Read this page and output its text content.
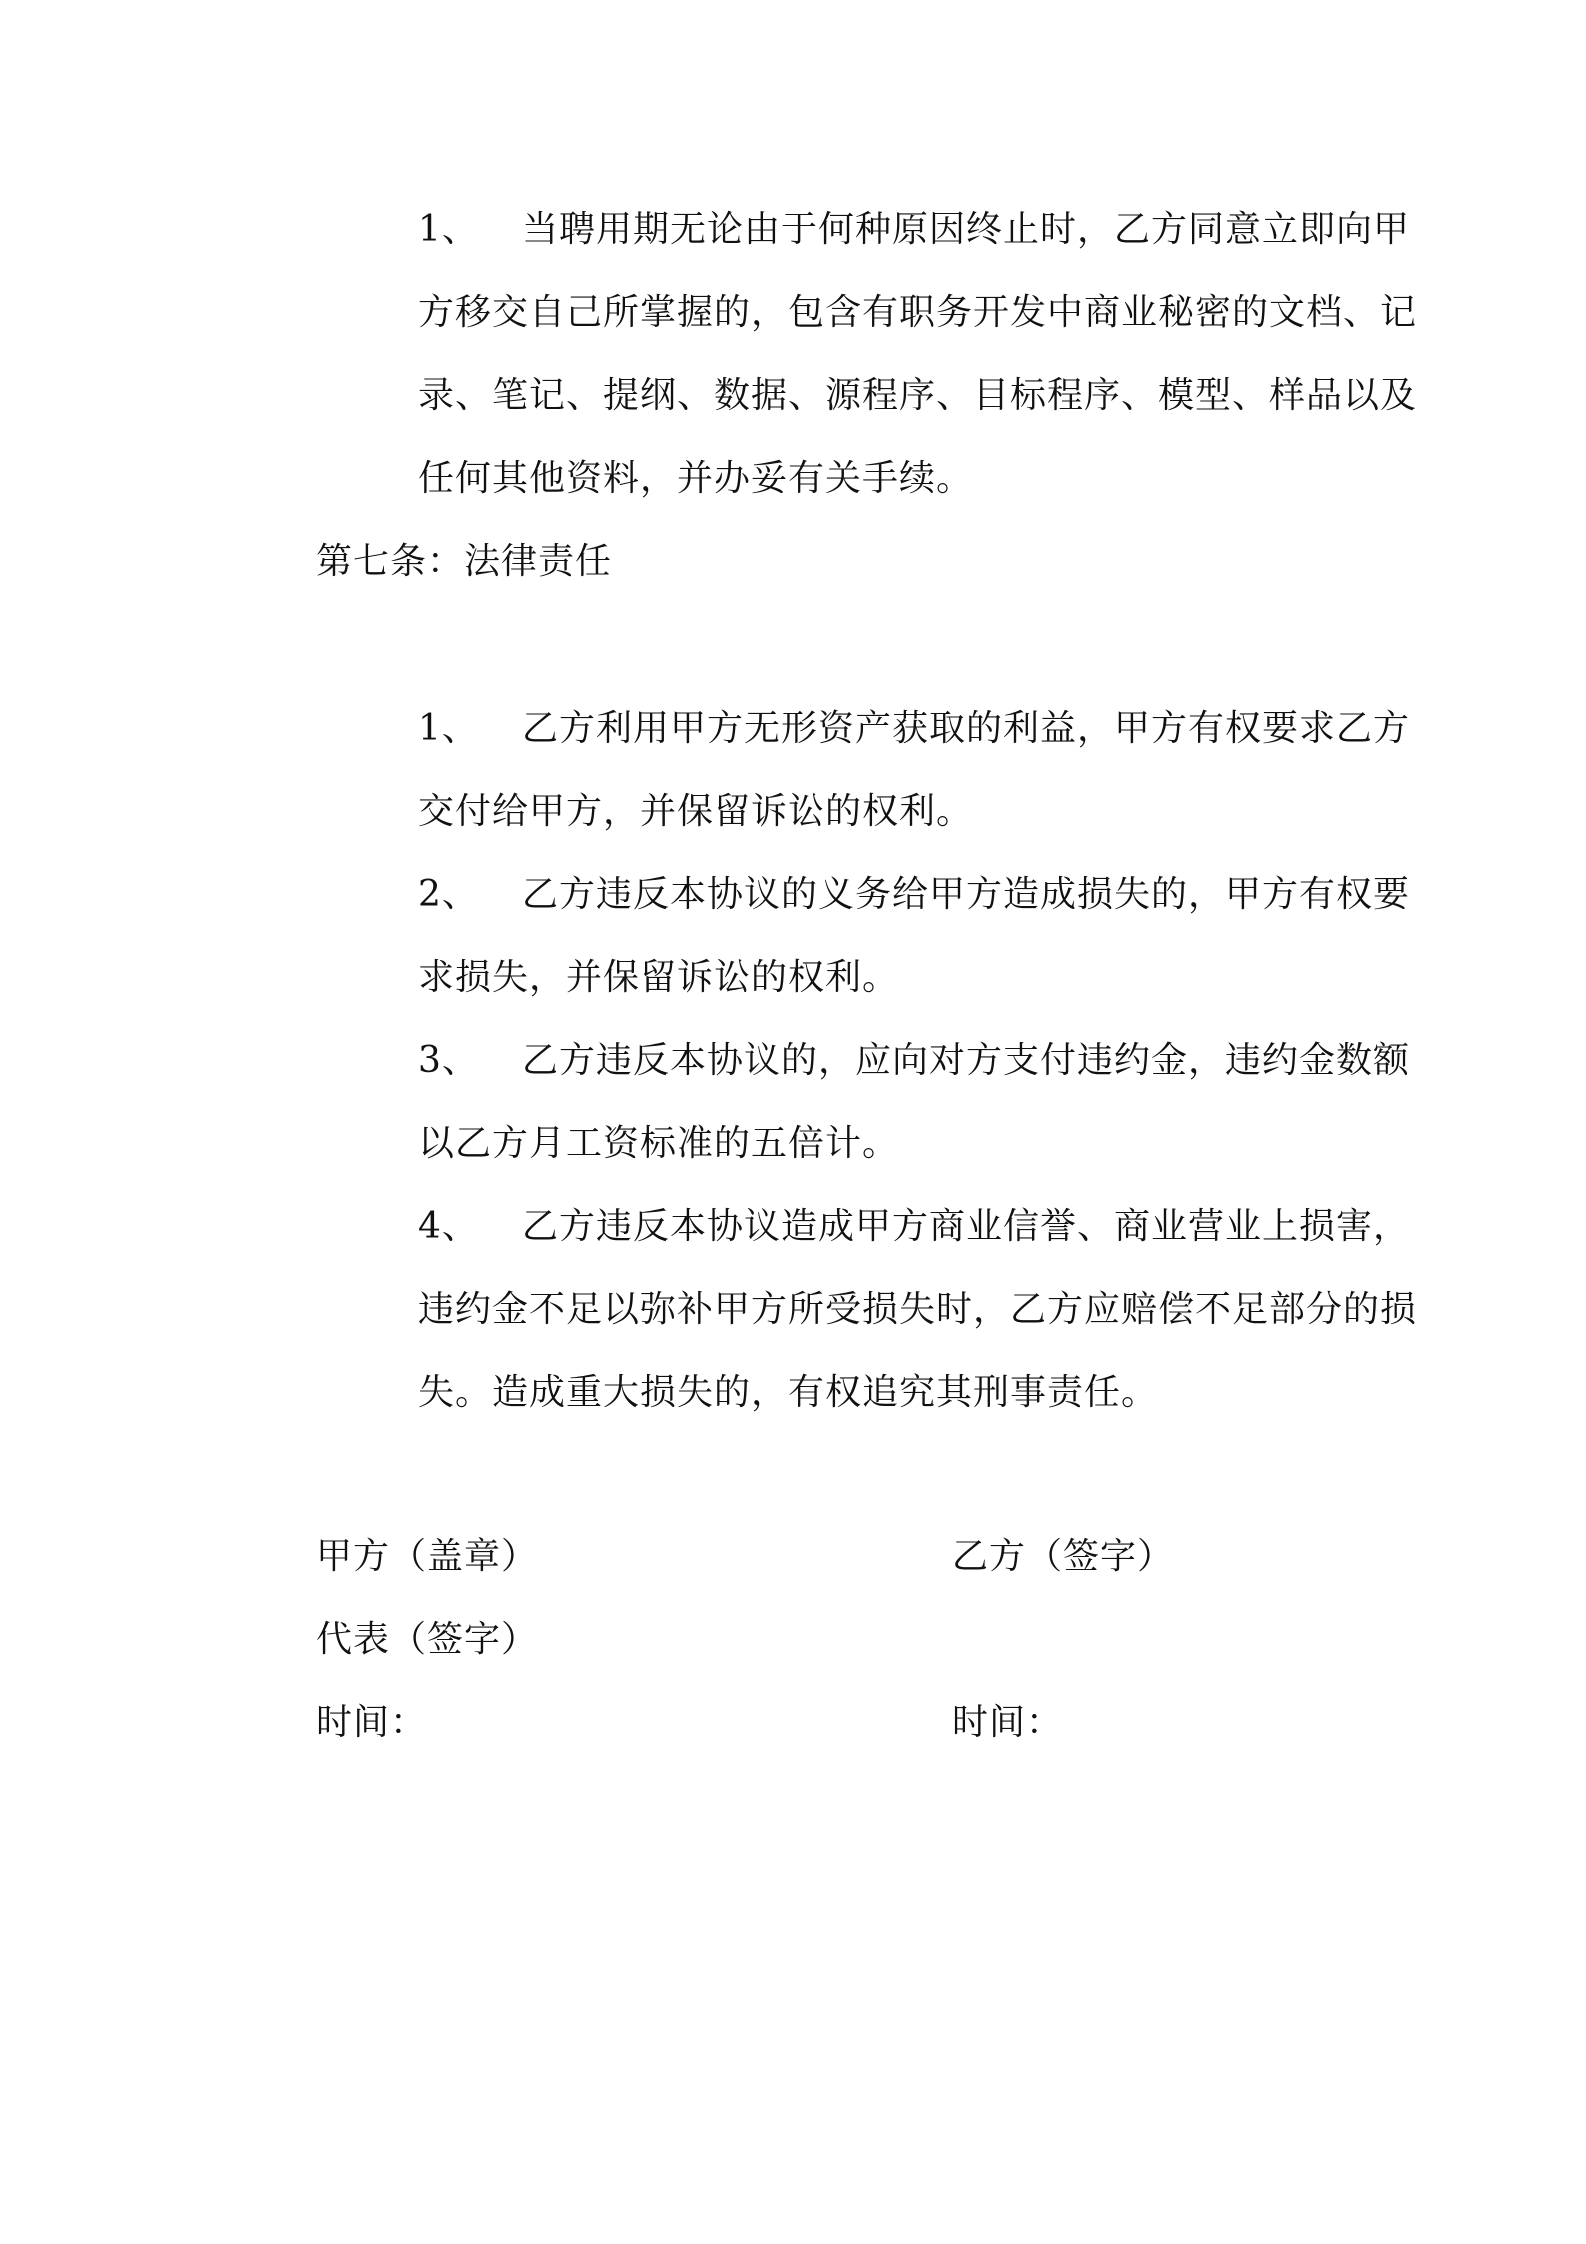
1、 当聘用期无论由于何种原因终止时，乙方同意立即向甲方移交自己所掌握的，包含有职务开发中商业秘密的文档、记录、笔记、提纲、数据、源程序、目标程序、模型、样品以及任何其他资料，并办妥有关手续。
第七条：法律责任
1、 乙方利用甲方无形资产获取的利益，甲方有权要求乙方交付给甲方，并保留诉讼的权利。
2、 乙方违反本协议的义务给甲方造成损失的，甲方有权要求损失，并保留诉讼的权利。
3、 乙方违反本协议的，应向对方支付违约金，违约金数额以乙方月工资标准的五倍计。
4、 乙方违反本协议造成甲方商业信誉、商业营业上损害，违约金不足以弥补甲方所受损失时，乙方应赔偿不足部分的损失。造成重大损失的，有权追究其刑事责任。
甲方（盖章）	乙方（签字）
代表（签字）
时间：	时间：
